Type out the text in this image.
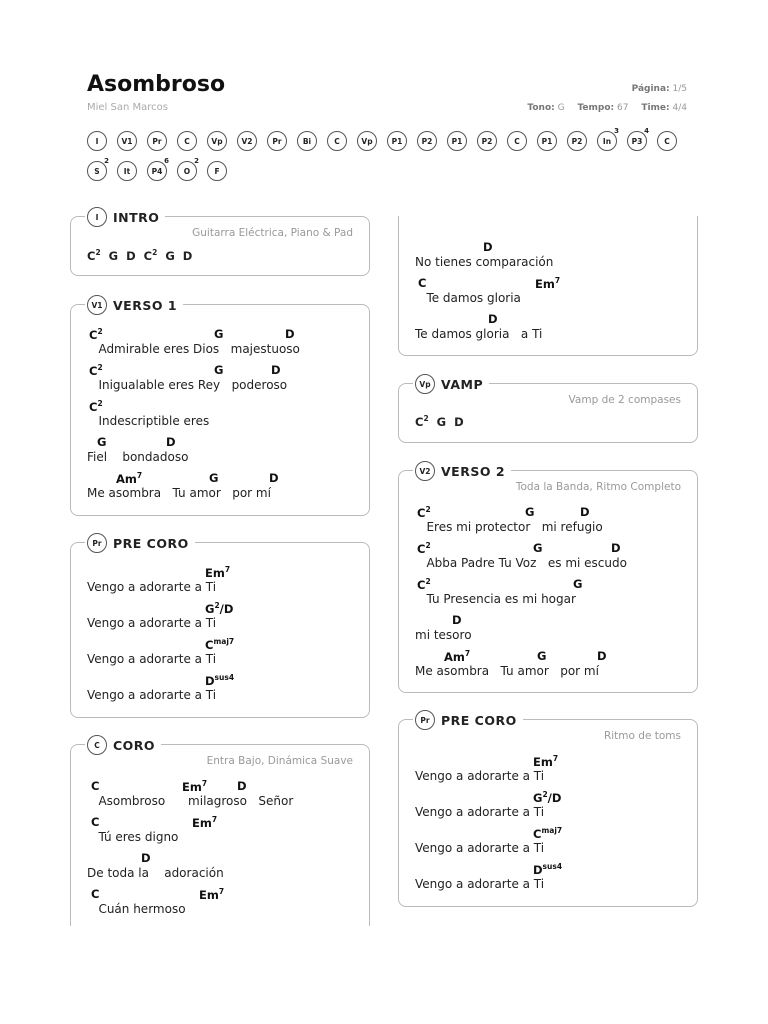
Asombroso
Miel San Marcos
Página: 1/5
Tono: G Tempo: 67 Time: 4/4
I	V1	Pr	C	Vp	V2	Pr	Bi	C	Vp	P1	P2	P1	P2	C	P1	P2	In
3
P3
4
C
S
2
It	P4
6
O
2
F
I	INTRO
Guitarra Eléctrica, Piano & Pad
$C^2$ G D $C^2$ G D
V1 VERSO 1
$C^2$	G	D
Admirable eres Dios   majestuoso
$C^2$	G	D
Inigualable eres Rey   poderoso
$C^2$
Indescriptible eres
G	D
Fiel    bondadoso
Am$^7$	G	D
Me asombra   Tu amor   por mí
Pr PRE CORO
Em$^7$
Vengo a adorarte a Ti
$G^2/D$
Vengo a adorarte a Ti
$C^{maj7}$
Vengo a adorarte a Ti
$D^{sus4}$
Vengo a adorarte a Ti
C	CORO
Entra Bajo, Dinámica Suave
C	Em$^7$	D
Asombroso      milagroso   Señor
C	Em$^7$
Tú eres digno
D
De toda la    adoración
C	Em$^7$
Cuán hermoso
D
No tienes comparación
C	Em$^7$
Te damos gloria
D
Te damos gloria   a Ti
Vp VAMP
Vamp de 2 compases
$C^2$ G D
V2 VERSO 2
Toda la Banda, Ritmo Completo
$C^2$	G	D
Eres mi protector   mi refugio
$C^2$	G	D
Abba Padre Tu Voz   es mi escudo
$C^2$	G
Tu Presencia es mi hogar
D
mi tesoro
Am$^7$	G	D
Me asombra   Tu amor   por mí
Pr PRE CORO
Ritmo de toms
Em$^7$
Vengo a adorarte a Ti
$G^2/D$
Vengo a adorarte a Ti
$C^{maj7}$
Vengo a adorarte a Ti
$D^{sus4}$
Vengo a adorarte a Ti
